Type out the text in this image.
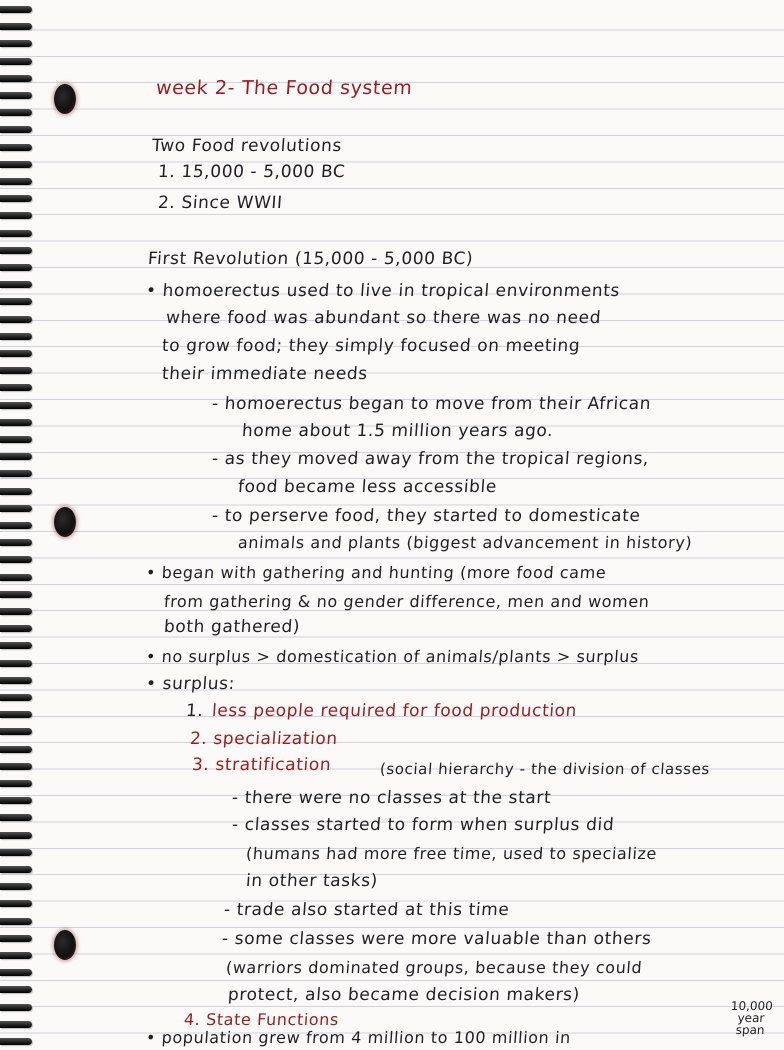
week 2- The Food system

Two Food revolutions

1. 15,000 - 5,000 BC

2. Since WWII

First Revolution (15,000 - 5,000 BC)

• homoerectus used to live in tropical environments

where food was abundant so there was no need

to grow food; they simply focused on meeting

their immediate needs

- homoerectus began to move from their African

home about 1.5 million years ago.

- as they moved away from the tropical regions,

food became less accessible

- to perserve food, they started to domesticate

animals and plants (biggest advancement in history)

• began with gathering and hunting (more food came

from gathering & no gender difference, men and women

both gathered)

• no surplus > domestication of animals/plants > surplus

• surplus:

1. less people required for food production

2. specialization

3. stratification	(social hierarchy - the division of classes

- there were no classes at the start

- classes started to form when surplus did

(humans had more free time, used to specialize

in other tasks)

- trade also started at this time

- some classes were more valuable than others

(warriors dominated groups, because they could

protect, also became decision makers)

4. State Functions

• population grew from 4 million to 100 million in

10,000
year
span
